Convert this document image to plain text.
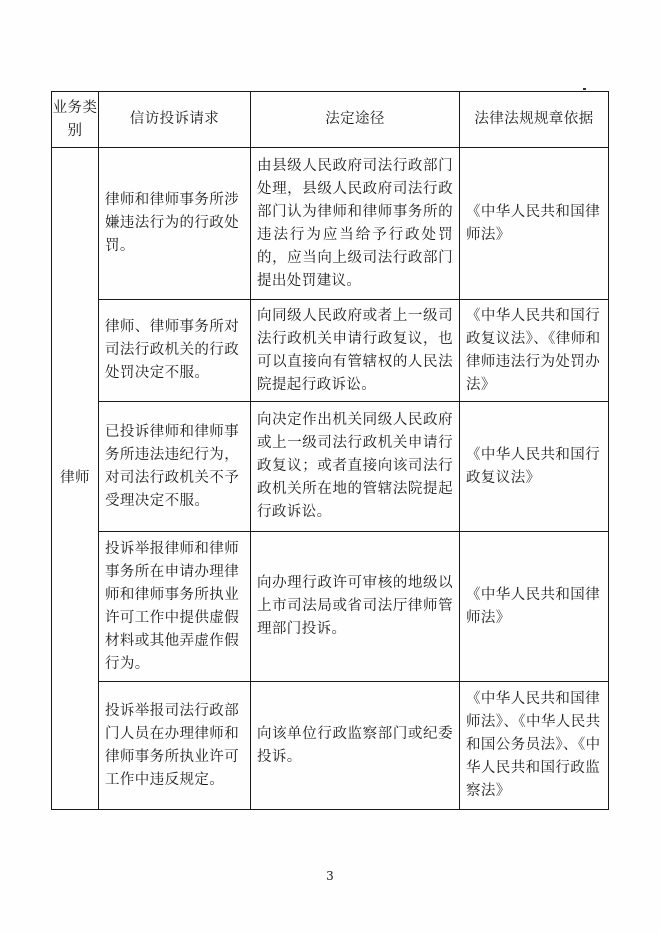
业务类别	信访投诉请求	法定途径	法律法规规章依据
律师	律师和律师事务所涉嫌违法行为的行政处罚。	由县级人民政府司法行政部门处理，县级人民政府司法行政部门认为律师和律师事务所的违法行为应当给予行政处罚的，应当向上级司法行政部门提出处罚建议。	《中华人民共和国律师法》
	律师、律师事务所对司法行政机关的行政处罚决定不服。	向同级人民政府或者上一级司法行政机关申请行政复议，也可以直接向有管辖权的人民法院提起行政诉讼。	《中华人民共和国行政复议法》、《律师和律师违法行为处罚办法》
	已投诉律师和律师事务所违法违纪行为，对司法行政机关不予受理决定不服。	向决定作出机关同级人民政府或上一级司法行政机关申请行政复议；或者直接向该司法行政机关所在地的管辖法院提起行政诉讼。	《中华人民共和国行政复议法》
	投诉举报律师和律师事务所在申请办理律师和律师事务所执业许可工作中提供虚假材料或其他弄虚作假行为。	向办理行政许可审核的地级以上市司法局或省司法厅律师管理部门投诉。	《中华人民共和国律师法》
	投诉举报司法行政部门人员在办理律师和律师事务所执业许可工作中违反规定。	向该单位行政监察部门或纪委投诉。	《中华人民共和国律师法》、《中华人民共和国公务员法》、《中华人民共和国行政监察法》
3
